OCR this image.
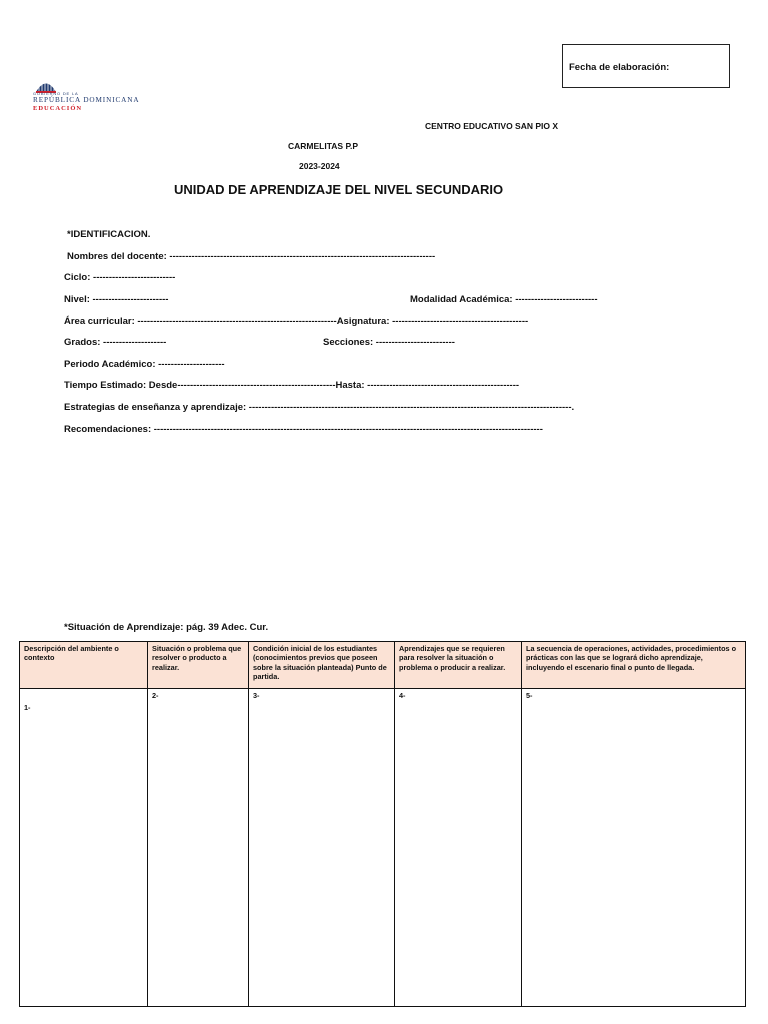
Fecha de elaboración:
GOBIERNO DE LA
REPÚBLICA DOMINICANA
EDUCACIÓN
CENTRO EDUCATIVO SAN PIO X
CARMELITAS P.P
2023-2024
UNIDAD DE APRENDIZAJE DEL NIVEL SECUNDARIO
*IDENTIFICACION.
Nombres del docente: ------------------------------------------------------------------------------------
Ciclo: --------------------------
Nivel: ------------------------	Modalidad Académica: --------------------------
Área curricular: ---------------------------------------------------------------Asignatura: -------------------------------------------
Grados: --------------------	Secciones: -------------------------
Periodo Académico: ---------------------
Tiempo Estimado: Desde--------------------------------------------------Hasta: ------------------------------------------------
Estrategias de enseñanza y aprendizaje: ------------------------------------------------------------------------------------------------------.
Recomendaciones: ---------------------------------------------------------------------------------------------------------------------------
*Situación de Aprendizaje: pág. 39 Adec. Cur.
Descripción del ambiente o contexto	Situación o problema que resolver o producto a realizar.	Condición inicial de los estudiantes (conocimientos previos que poseen sobre la situación planteada) Punto de partida.	Aprendizajes que se requieren para resolver la situación o problema o producir a realizar.	La secuencia de operaciones, actividades, procedimientos o prácticas con las que se logrará dicho aprendizaje, incluyendo el escenario final o punto de llegada.

1-	2-	3-	4-	5-
